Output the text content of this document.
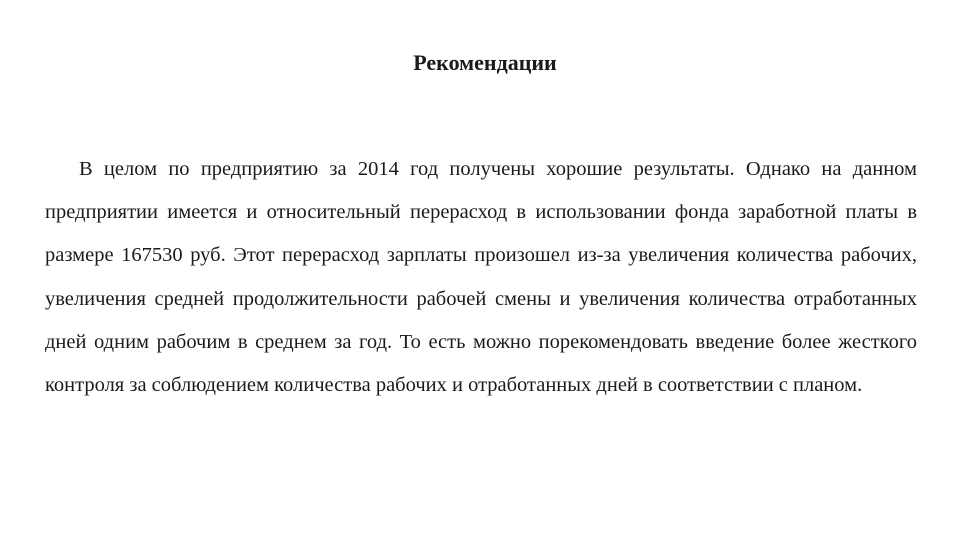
Рекомендации

В целом по предприятию за 2014 год получены хорошие результаты. Однако на данном предприятии имеется и относительный перерасход в использовании фонда заработной платы в размере 167530 руб. Этот перерасход зарплаты произошел из-за увеличения количества рабочих, увеличения средней продолжительности рабочей смены и увеличения количества отработанных дней одним рабочим в среднем за год. То есть можно порекомендовать введение более жесткого контроля за соблюдением количества рабочих и отработанных дней в соответствии с планом.
